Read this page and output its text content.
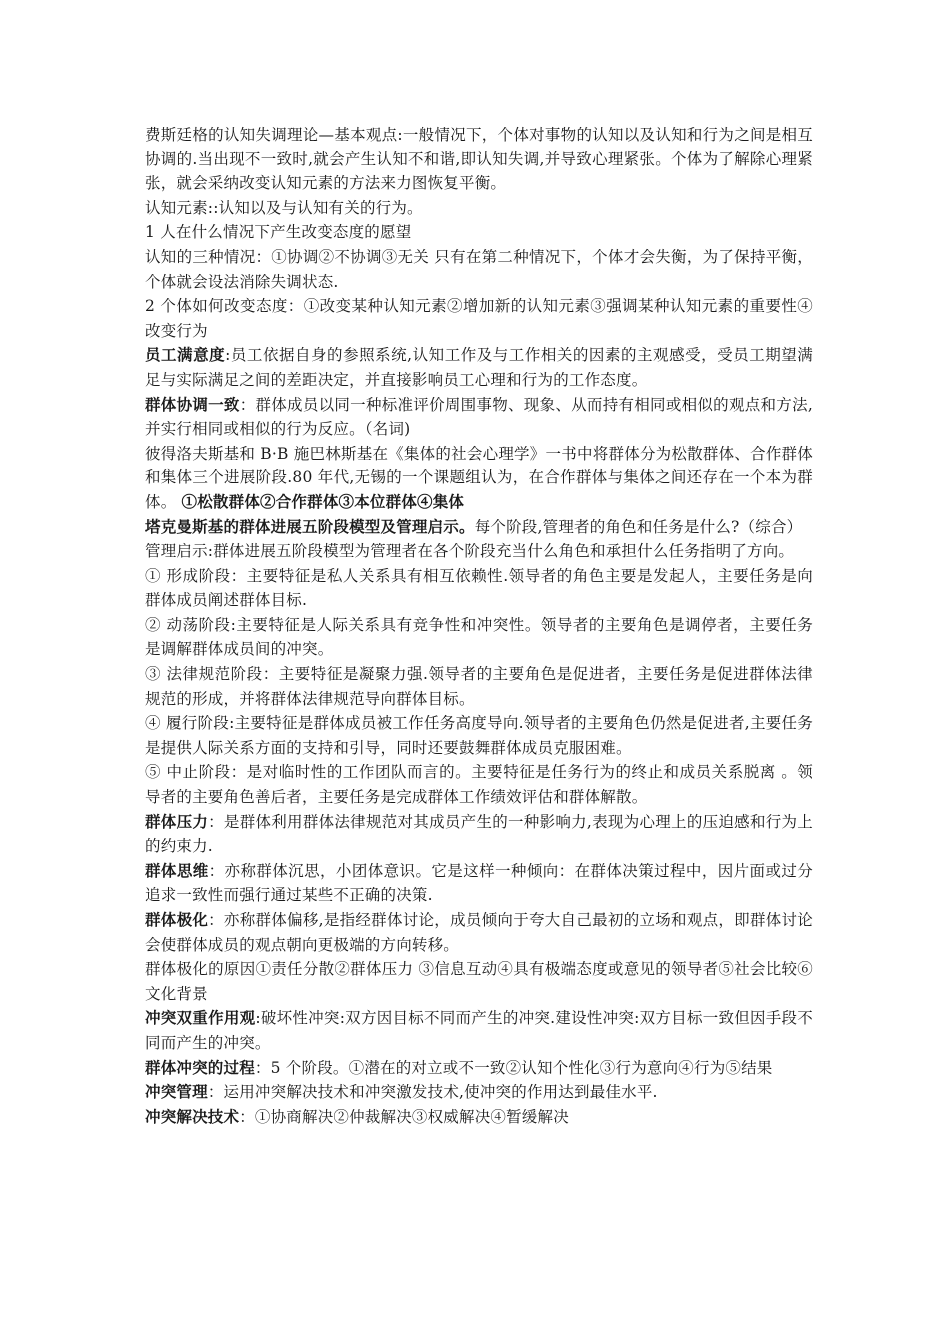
费斯廷格的认知失调理论—基本观点:一般情况下，个体对事物的认知以及认知和行为之间是相互协调的.当出现不一致时,就会产生认知不和谐,即认知失调,并导致心理紧张。个体为了解除心理紧张，就会采纳改变认知元素的方法来力图恢复平衡。

认知元素::认知以及与认知有关的行为。

1 人在什么情况下产生改变态度的愿望

认知的三种情况：①协调②不协调③无关 只有在第二种情况下，个体才会失衡，为了保持平衡，个体就会设法消除失调状态.

2 个体如何改变态度：①改变某种认知元素②增加新的认知元素③强调某种认知元素的重要性④改变行为

员工满意度:员工依据自身的参照系统,认知工作及与工作相关的因素的主观感受，受员工期望满足与实际满足之间的差距决定，并直接影响员工心理和行为的工作态度。

群体协调一致：群体成员以同一种标准评价周围事物、现象、从而持有相同或相似的观点和方法,并实行相同或相似的行为反应。（名词)

彼得洛夫斯基和 B·B 施巴林斯基在《集体的社会心理学》一书中将群体分为松散群体、合作群体和集体三个进展阶段.80 年代,无锡的一个课题组认为，在合作群体与集体之间还存在一个本为群体。 ①松散群体②合作群体③本位群体④集体

塔克曼斯基的群体进展五阶段模型及管理启示。每个阶段,管理者的角色和任务是什么?（综合）

管理启示:群体进展五阶段模型为管理者在各个阶段充当什么角色和承担什么任务指明了方向。

① 形成阶段：主要特征是私人关系具有相互依赖性.领导者的角色主要是发起人，主要任务是向群体成员阐述群体目标.

② 动荡阶段:主要特征是人际关系具有竞争性和冲突性。领导者的主要角色是调停者，主要任务是调解群体成员间的冲突。

③ 法律规范阶段：主要特征是凝聚力强.领导者的主要角色是促进者，主要任务是促进群体法律规范的形成，并将群体法律规范导向群体目标。

④ 履行阶段:主要特征是群体成员被工作任务高度导向.领导者的主要角色仍然是促进者,主要任务是提供人际关系方面的支持和引导，同时还要鼓舞群体成员克服困难。

⑤ 中止阶段：是对临时性的工作团队而言的。主要特征是任务行为的终止和成员关系脱离 。领导者的主要角色善后者，主要任务是完成群体工作绩效评估和群体解散。

群体压力：是群体利用群体法律规范对其成员产生的一种影响力,表现为心理上的压迫感和行为上的约束力.

群体思维：亦称群体沉思，小团体意识。它是这样一种倾向：在群体决策过程中，因片面或过分追求一致性而强行通过某些不正确的决策.

群体极化：亦称群体偏移,是指经群体讨论，成员倾向于夸大自己最初的立场和观点，即群体讨论会使群体成员的观点朝向更极端的方向转移。

群体极化的原因①责任分散②群体压力 ③信息互动④具有极端态度或意见的领导者⑤社会比较⑥文化背景

冲突双重作用观:破坏性冲突:双方因目标不同而产生的冲突.建设性冲突:双方目标一致但因手段不同而产生的冲突。

群体冲突的过程：5 个阶段。①潜在的对立或不一致②认知个性化③行为意向④行为⑤结果

冲突管理：运用冲突解决技术和冲突激发技术,使冲突的作用达到最佳水平.

冲突解决技术：①协商解决②仲裁解决③权威解决④暂缓解决
